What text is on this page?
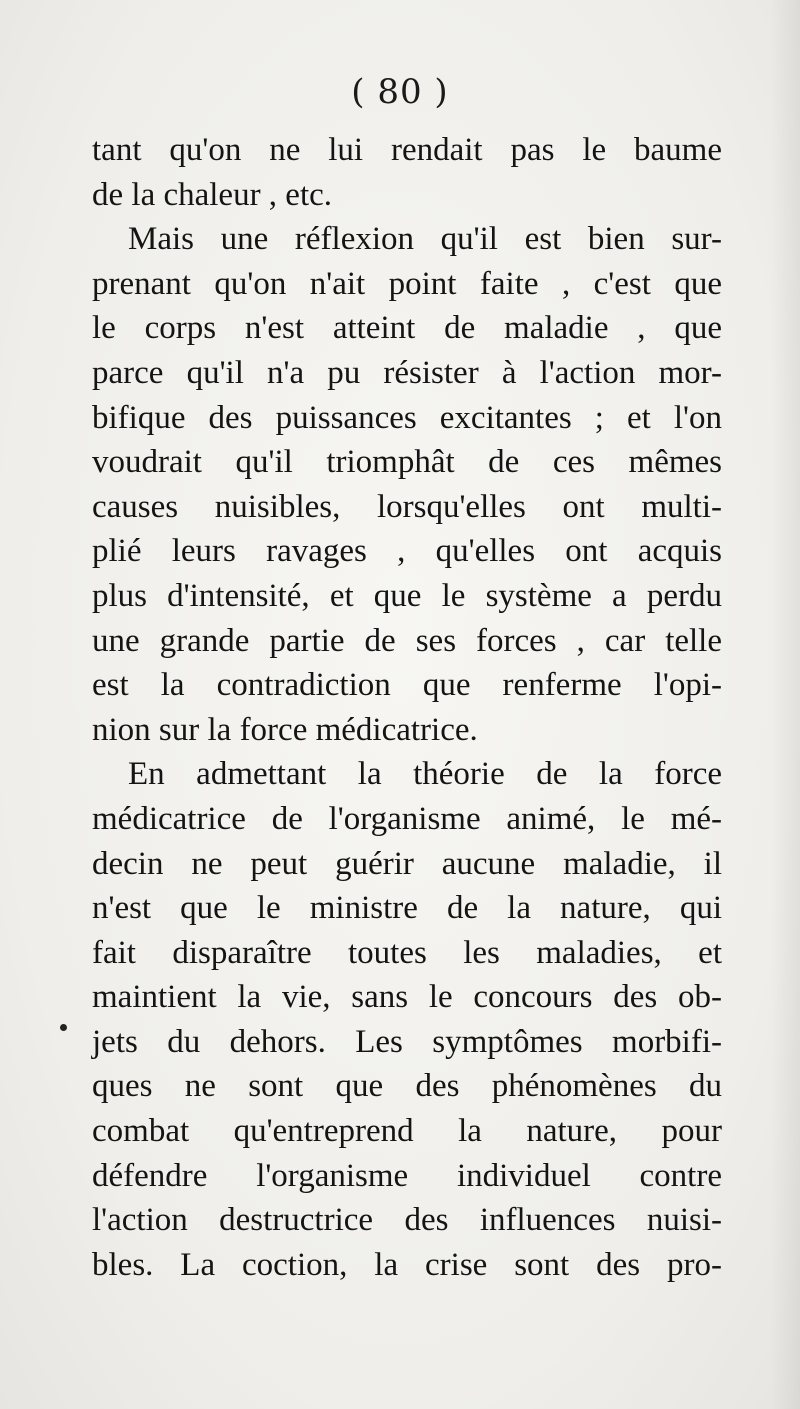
( 80 )
tant qu'on ne lui rendait pas le baume
de la chaleur , etc.
Mais une réflexion qu'il est bien sur-
prenant qu'on n'ait point faite , c'est que
le corps n'est atteint de maladie , que
parce qu'il n'a pu résister à l'action mor-
bifique des puissances excitantes ; et l'on
voudrait qu'il triomphât de ces mêmes
causes nuisibles, lorsqu'elles ont multi-
plié leurs ravages , qu'elles ont acquis
plus d'intensité, et que le système a perdu
une grande partie de ses forces , car telle
est la contradiction que renferme l'opi-
nion sur la force médicatrice.
En admettant la théorie de la force
médicatrice de l'organisme animé, le mé-
decin ne peut guérir aucune maladie, il
n'est que le ministre de la nature, qui
fait disparaître toutes les maladies, et
maintient la vie, sans le concours des ob-
jets du dehors. Les symptômes morbifi-
ques ne sont que des phénomènes du
combat qu'entreprend la nature, pour
défendre l'organisme individuel contre
l'action destructrice des influences nuisi-
bles. La coction, la crise sont des pro-
